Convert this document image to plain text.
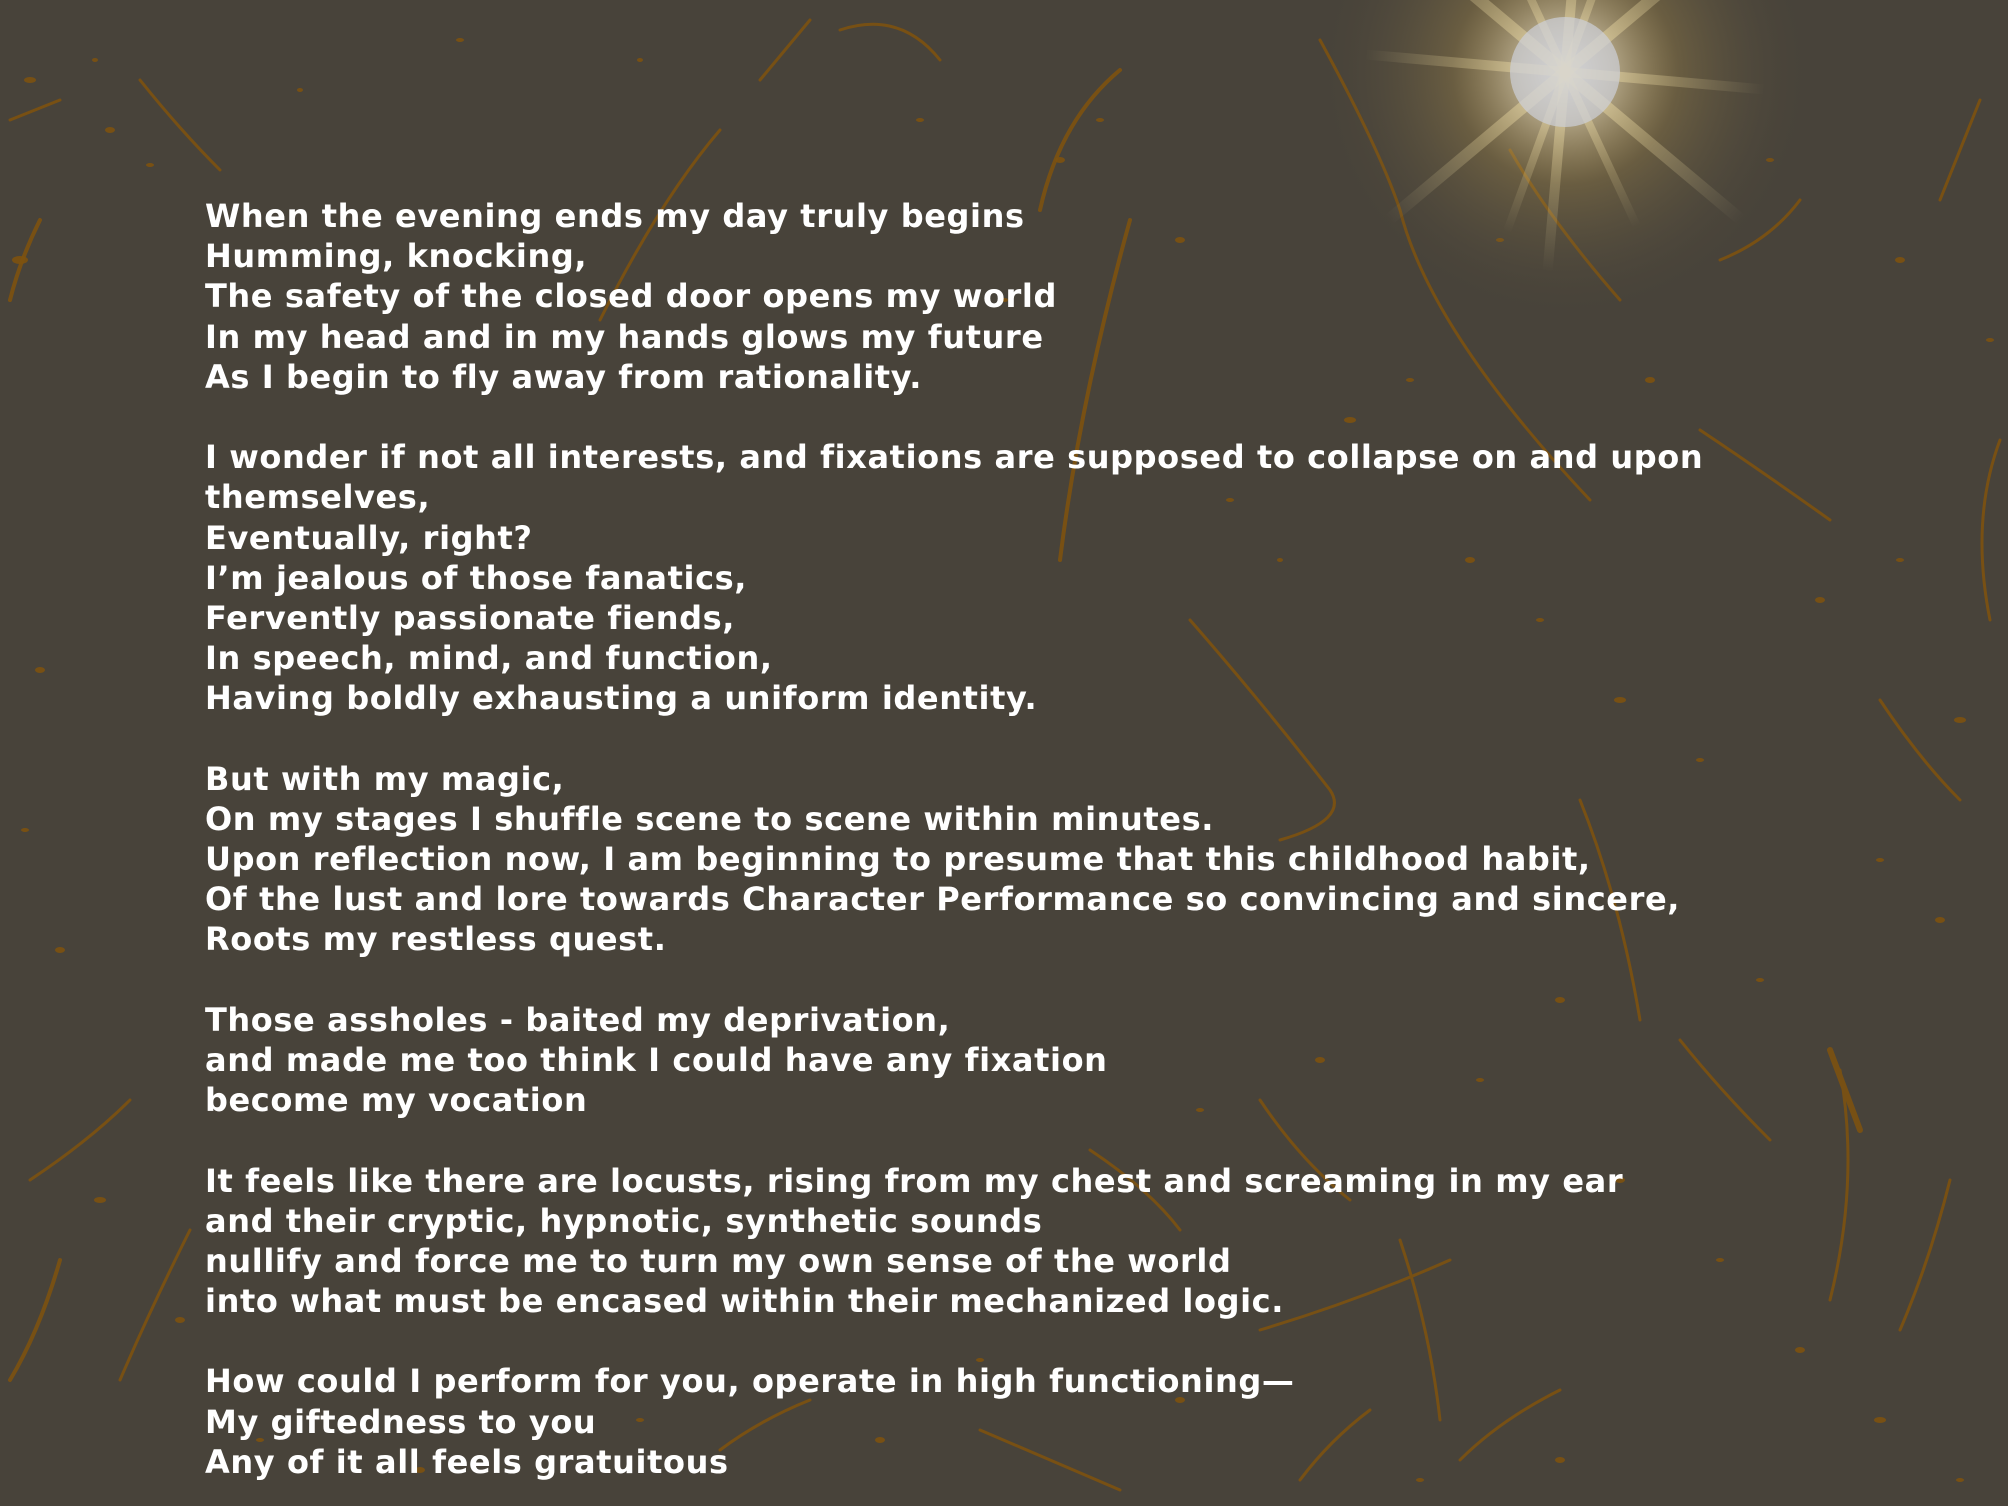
When the evening ends my day truly begins
Humming, knocking,
The safety of the closed door opens my world
In my head and in my hands glows my future
As I begin to fly away from rationality.
I wonder if not all interests, and fixations are supposed to collapse on and upon
themselves,
Eventually, right?
I’m jealous of those fanatics,
Fervently passionate fiends,
In speech, mind, and function,
Having boldly exhausting a uniform identity.
But with my magic,
On my stages I shuffle scene to scene within minutes.
Upon reflection now, I am beginning to presume that this childhood habit,
Of the lust and lore towards Character Performance so convincing and sincere,
Roots my restless quest.
Those assholes - baited my deprivation,
and made me too think I could have any fixation
become my vocation
It feels like there are locusts, rising from my chest and screaming in my ear
and their cryptic, hypnotic, synthetic sounds
nullify and force me to turn my own sense of the world
into what must be encased within their mechanized logic.
How could I perform for you, operate in high functioning—
My giftedness to you
Any of it all feels gratuitous
